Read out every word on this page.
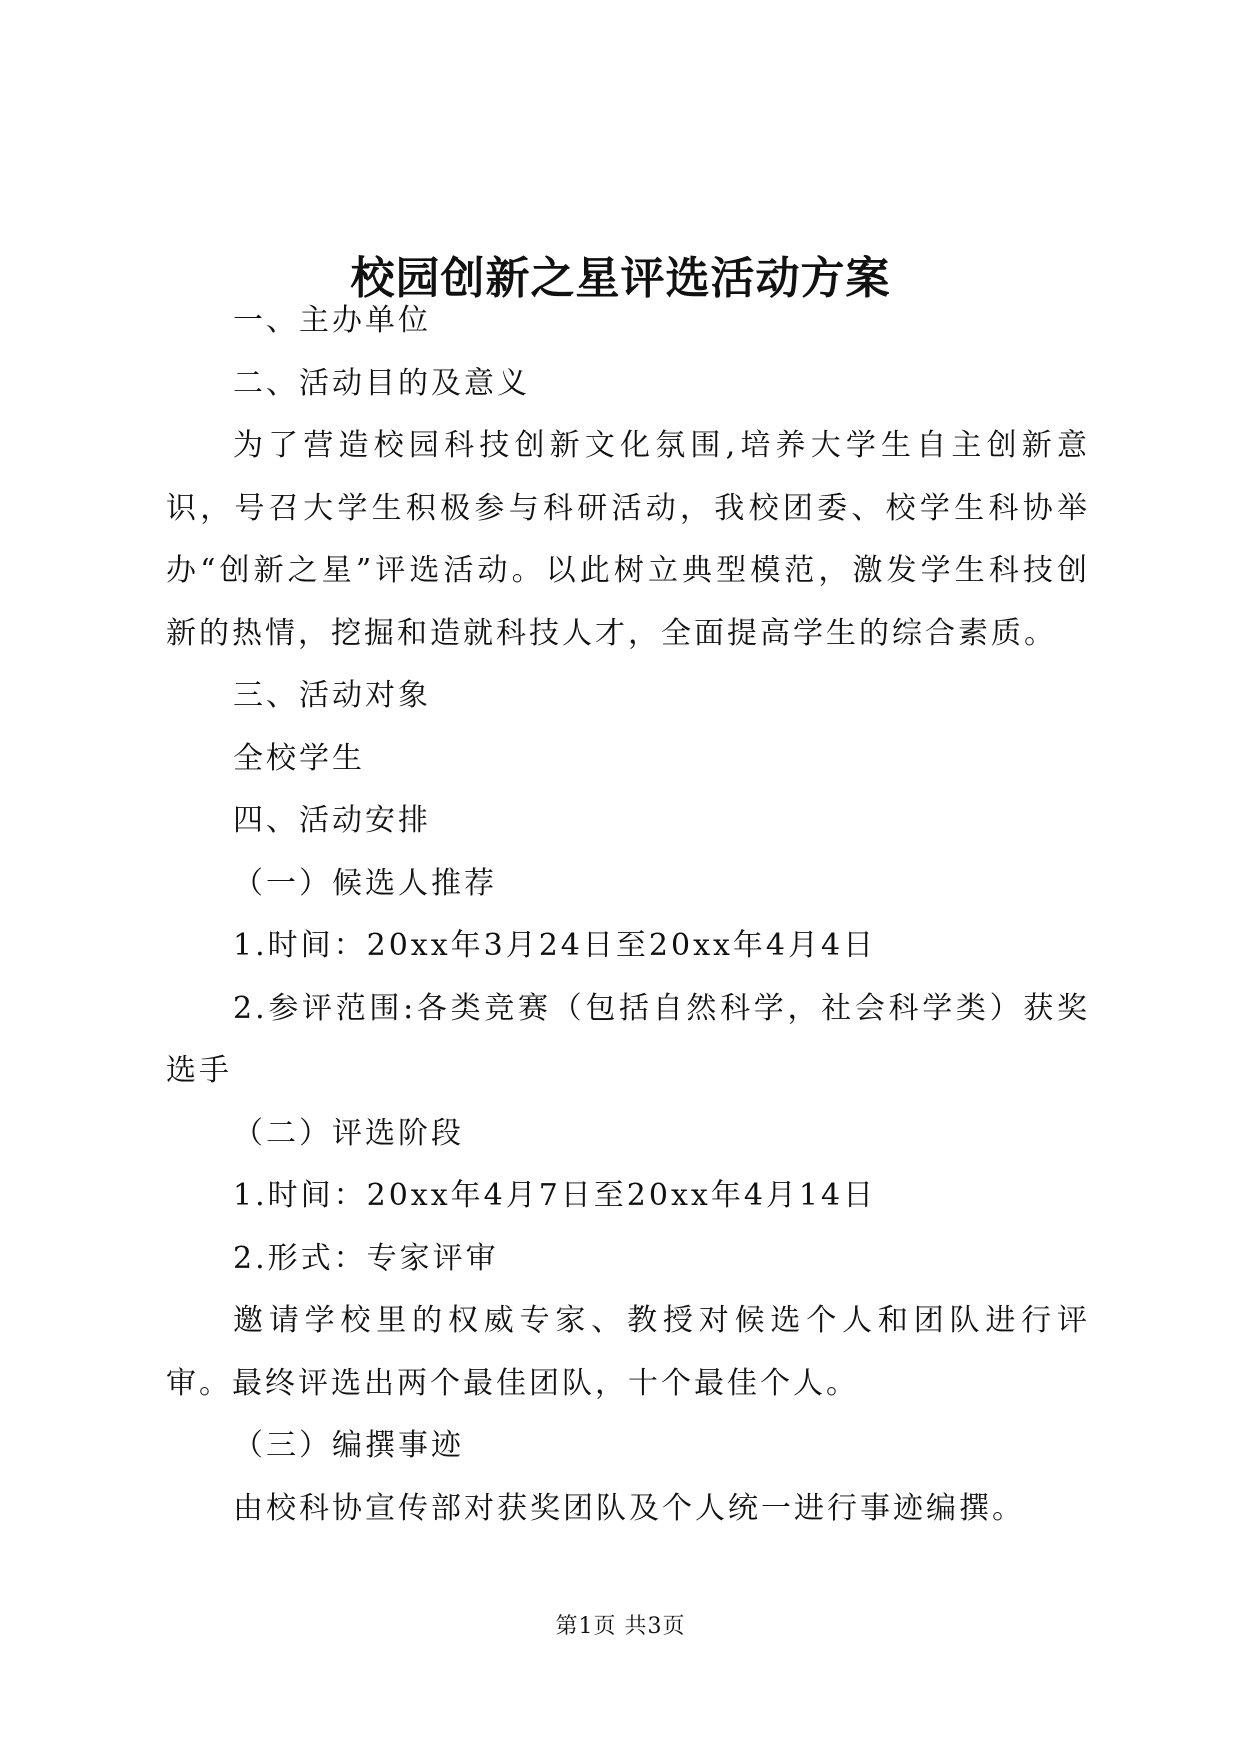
校园创新之星评选活动方案

一、主办单位

二、活动目的及意义

为了营造校园科技创新文化氛围,培养大学生自主创新意识，号召大学生积极参与科研活动，我校团委、校学生科协举办“创新之星”评选活动。以此树立典型模范，激发学生科技创新的热情，挖掘和造就科技人才，全面提高学生的综合素质。

三、活动对象

全校学生

四、活动安排

（一）候选人推荐

1.时间：20xx年3月24日至20xx年4月4日

2.参评范围:各类竞赛（包括自然科学，社会科学类）获奖选手

（二）评选阶段

1.时间：20xx年4月7日至20xx年4月14日

2.形式：专家评审

邀请学校里的权威专家、教授对候选个人和团队进行评审。最终评选出两个最佳团队，十个最佳个人。

（三）编撰事迹

由校科协宣传部对获奖团队及个人统一进行事迹编撰。

第1页 共3页
